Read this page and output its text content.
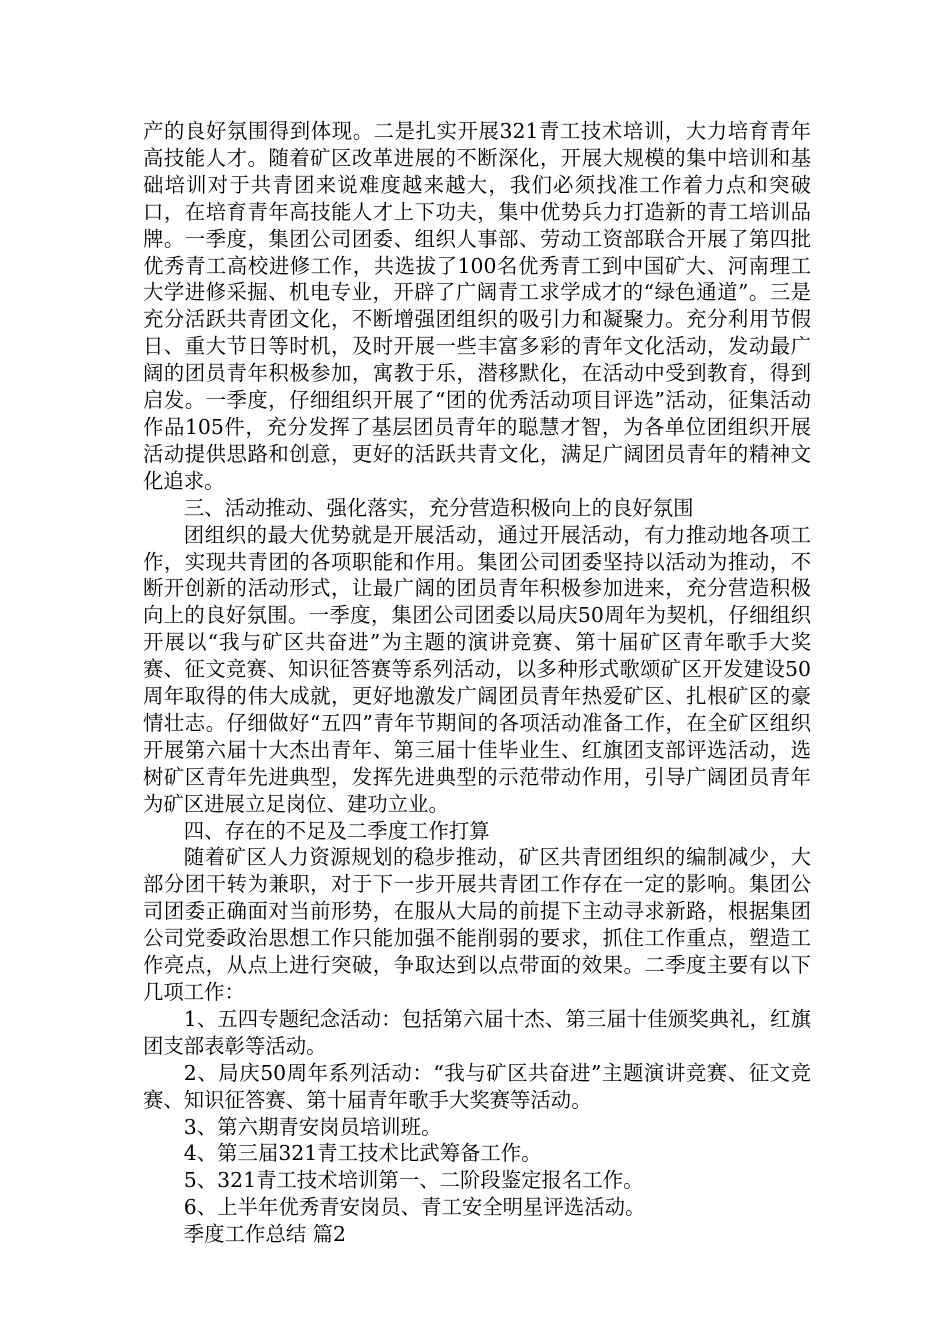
产的良好氛围得到体现。二是扎实开展321青工技术培训，大力培育青年高技能人才。随着矿区改革进展的不断深化，开展大规模的集中培训和基础培训对于共青团来说难度越来越大，我们必须找准工作着力点和突破口，在培育青年高技能人才上下功夫，集中优势兵力打造新的青工培训品牌。一季度，集团公司团委、组织人事部、劳动工资部联合开展了第四批优秀青工高校进修工作，共选拔了100名优秀青工到中国矿大、河南理工大学进修采掘、机电专业，开辟了广阔青工求学成才的“绿色通道”。三是充分活跃共青团文化，不断增强团组织的吸引力和凝聚力。充分利用节假日、重大节日等时机，及时开展一些丰富多彩的青年文化活动，发动最广阔的团员青年积极参加，寓教于乐，潜移默化，在活动中受到教育，得到启发。一季度，仔细组织开展了“团的优秀活动项目评选”活动，征集活动作品105件，充分发挥了基层团员青年的聪慧才智，为各单位团组织开展活动提供思路和创意，更好的活跃共青文化，满足广阔团员青年的精神文化追求。

三、活动推动、强化落实，充分营造积极向上的良好氛围

团组织的最大优势就是开展活动，通过开展活动，有力推动地各项工作，实现共青团的各项职能和作用。集团公司团委坚持以活动为推动，不断开创新的活动形式，让最广阔的团员青年积极参加进来，充分营造积极向上的良好氛围。一季度，集团公司团委以局庆50周年为契机，仔细组织开展以“我与矿区共奋进”为主题的演讲竞赛、第十届矿区青年歌手大奖赛、征文竞赛、知识征答赛等系列活动，以多种形式歌颂矿区开发建设50周年取得的伟大成就，更好地激发广阔团员青年热爱矿区、扎根矿区的豪情壮志。仔细做好“五四”青年节期间的各项活动准备工作，在全矿区组织开展第六届十大杰出青年、第三届十佳毕业生、红旗团支部评选活动，选树矿区青年先进典型，发挥先进典型的示范带动作用，引导广阔团员青年为矿区进展立足岗位、建功立业。

四、存在的不足及二季度工作打算

随着矿区人力资源规划的稳步推动，矿区共青团组织的编制减少，大部分团干转为兼职，对于下一步开展共青团工作存在一定的影响。集团公司团委正确面对当前形势，在服从大局的前提下主动寻求新路，根据集团公司党委政治思想工作只能加强不能削弱的要求，抓住工作重点，塑造工作亮点，从点上进行突破，争取达到以点带面的效果。二季度主要有以下几项工作：

1、五四专题纪念活动：包括第六届十杰、第三届十佳颁奖典礼，红旗团支部表彰等活动。

2、局庆50周年系列活动：“我与矿区共奋进”主题演讲竞赛、征文竞赛、知识征答赛、第十届青年歌手大奖赛等活动。

3、第六期青安岗员培训班。

4、第三届321青工技术比武筹备工作。

5、321青工技术培训第一、二阶段鉴定报名工作。

6、上半年优秀青安岗员、青工安全明星评选活动。

季度工作总结 篇2
